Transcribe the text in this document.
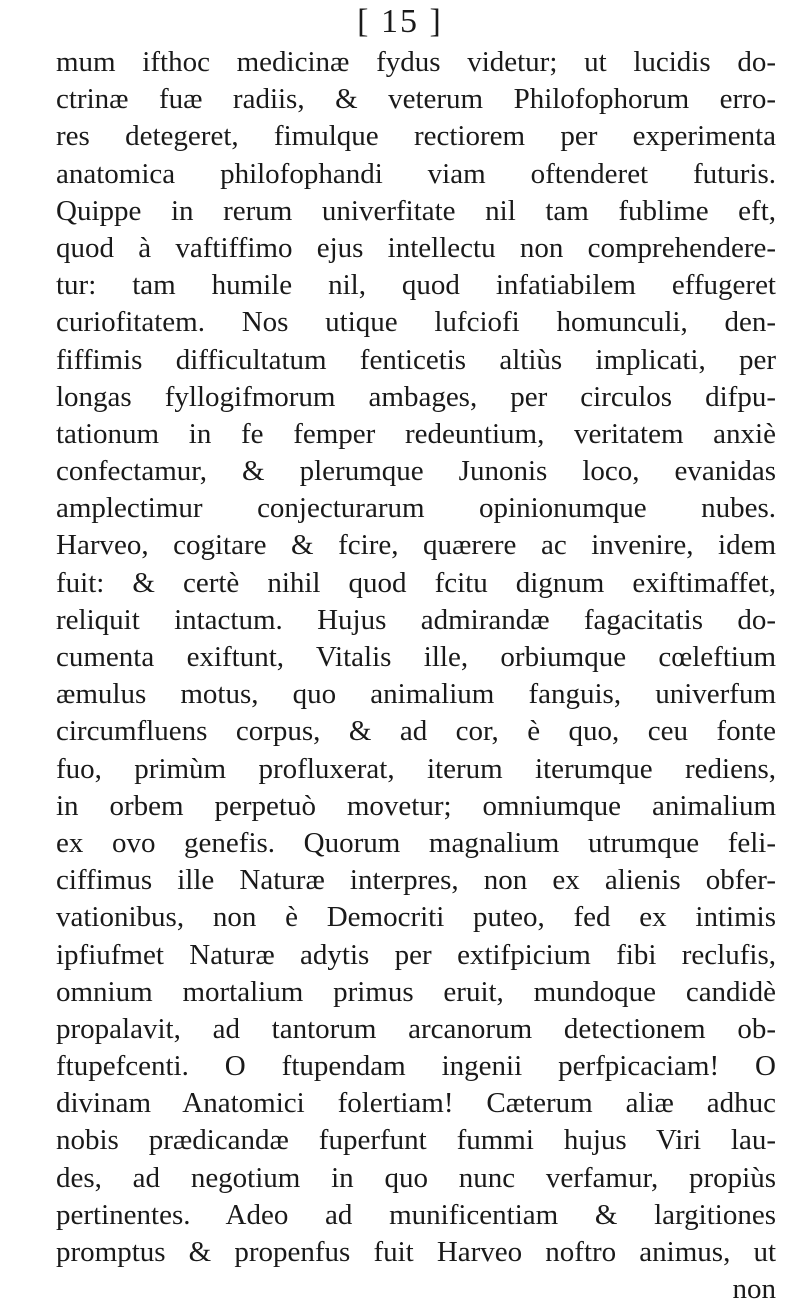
[ 15 ]
mum ifthoc medicinæ fydus videtur; ut lucidis do-
ctrinæ fuæ radiis, & veterum Philofophorum erro-
res detegeret, fimulque rectiorem per experimenta
anatomica philofophandi viam oftenderet futuris.
Quippe in rerum univerfitate nil tam fublime eft,
quod à vaftiffimo ejus intellectu non comprehendere-
tur: tam humile nil, quod infatiabilem effugeret
curiofitatem. Nos utique lufciofi homunculi, den-
fiffimis difficultatum fenticetis altiùs implicati, per
longas fyllogifmorum ambages, per circulos difpu-
tationum in fe femper redeuntium, veritatem anxiè
confectamur, & plerumque Junonis loco, evanidas
amplectimur conjecturarum opinionumque nubes.
Harveo, cogitare & fcire, quærere ac invenire, idem
fuit: & certè nihil quod fcitu dignum exiftimaffet,
reliquit intactum. Hujus admirandæ fagacitatis do-
cumenta exiftunt, Vitalis ille, orbiumque cœleftium
æmulus motus, quo animalium fanguis, univerfum
circumfluens corpus, & ad cor, è quo, ceu fonte
fuo, primùm profluxerat, iterum iterumque rediens,
in orbem perpetuò movetur; omniumque animalium
ex ovo genefis. Quorum magnalium utrumque feli-
ciffimus ille Naturæ interpres, non ex alienis obfer-
vationibus, non è Democriti puteo, fed ex intimis
ipfiufmet Naturæ adytis per extifpicium fibi reclufis,
omnium mortalium primus eruit, mundoque candidè
propalavit, ad tantorum arcanorum detectionem ob-
ftupefcenti. O ftupendam ingenii perfpicaciam! O
divinam Anatomici folertiam! Cæterum aliæ adhuc
nobis prædicandæ fuperfunt fummi hujus Viri lau-
des, ad negotium in quo nunc verfamur, propiùs
pertinentes. Adeo ad munificentiam & largitiones
promptus & propenfus fuit Harveo noftro animus, ut
non
